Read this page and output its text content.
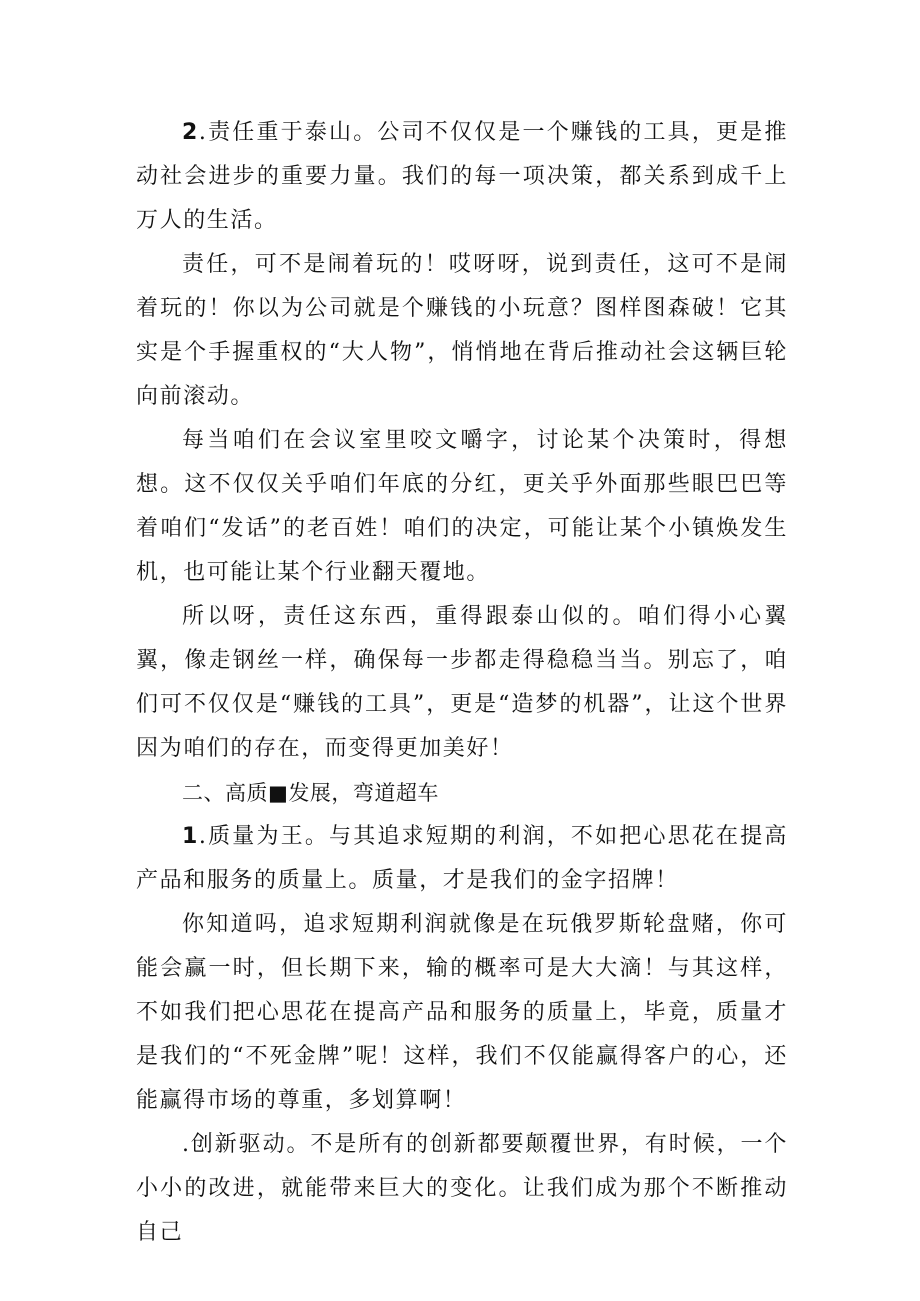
2.责任重于泰山。公司不仅仅是一个赚钱的工具，更是推动社会进步的重要力量。我们的每一项决策，都关系到成千上万人的生活。

责任，可不是闹着玩的！哎呀呀，说到责任，这可不是闹着玩的！你以为公司就是个赚钱的小玩意？图样图森破！它其实是个手握重权的“大人物”，悄悄地在背后推动社会这辆巨轮向前滚动。

每当咱们在会议室里咬文嚼字，讨论某个决策时，得想想。这不仅仅关乎咱们年底的分红，更关乎外面那些眼巴巴等着咱们“发话”的老百姓！咱们的决定，可能让某个小镇焕发生机，也可能让某个行业翻天覆地。

所以呀，责任这东西，重得跟泰山似的。咱们得小心翼翼，像走钢丝一样，确保每一步都走得稳稳当当。别忘了，咱们可不仅仅是“赚钱的工具”，更是“造梦的机器”，让这个世界因为咱们的存在，而变得更加美好！

二、高质■发展，弯道超车

1.质量为王。与其追求短期的利润，不如把心思花在提高产品和服务的质量上。质量，才是我们的金字招牌！

你知道吗，追求短期利润就像是在玩俄罗斯轮盘赌，你可能会赢一时，但长期下来，输的概率可是大大滴！与其这样，不如我们把心思花在提高产品和服务的质量上，毕竟，质量才是我们的“不死金牌”呢！这样，我们不仅能赢得客户的心，还能赢得市场的尊重，多划算啊！

.创新驱动。不是所有的创新都要颠覆世界，有时候，一个小小的改进，就能带来巨大的变化。让我们成为那个不断推动自己
